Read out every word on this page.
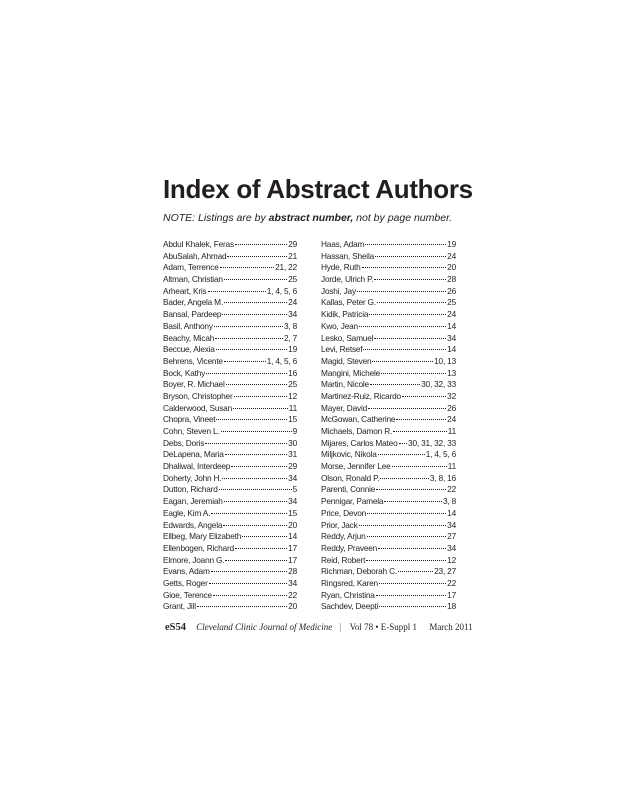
Index of Abstract Authors

NOTE: Listings are by abstract number, not by page number.

Abdul Khalek, Feras	29
AbuSalah, Ahmad	21
Adam, Terrence	21, 22
Altman, Christian	25
Arheart, Kris	1, 4, 5, 6
Bader, Angela M.	24
Bansal, Pardeep	34
Basil, Anthony	3, 8
Beachy, Micah	2, 7
Beccue, Alexia	19
Behrens, Vicente	1, 4, 5, 6
Bock, Kathy	16
Boyer, R. Michael	25
Bryson, Christopher	12
Calderwood, Susan	11
Chopra, Vineet	15
Cohn, Steven L.	9
Debs, Doris	30
DeLapena, Maria	31
Dhaliwal, Interdeep	29
Doherty, John H.	34
Dutton, Richard	5
Eagan, Jeremiah	34
Eagle, Kim A.	15
Edwards, Angela	20
Ellbeg, Mary Elizabeth	14
Ellenbogen, Richard	17
Elmore, Joann G.	17
Evans, Adam	28
Getts, Roger	34
Gioe, Terence	22
Grant, Jill	20
Haas, Adam	19
Hassan, Sheila	24
Hyde, Ruth	20
Jorde, Ulrich P.	28
Joshi, Jay	26
Kallas, Peter G.	25
Kidik, Patricia	24
Kwo, Jean	14
Lesko, Samuel	34
Levi, Retsef	14
Magid, Steven	10, 13
Mangini, Michele	13
Martin, Nicole	30, 32, 33
Martinez-Ruiz, Ricardo	32
Mayer, David	26
McGowan, Catherine	24
Michaels, Damon R.	11
Mijares, Carlos Mateo 30, 31, 32, 33
Miljkovic, Nikola	1, 4, 5, 6
Morse, Jennifer Lee	11
Olson, Ronald P.	3, 8, 16
Parenti, Connie	22
Pennigar, Pamela	3, 8
Price, Devon	14
Prior, Jack	34
Reddy, Arjun	27
Reddy, Praveen	34
Reid, Robert	12
Richman, Deborah C.	23, 27
Ringsred, Karen	22
Ryan, Christina	17
Sachdev, Deepti	18
eS54 Cleveland Clinic Journal of Medicine Vol 78 • E-Suppl 1 March 2011
